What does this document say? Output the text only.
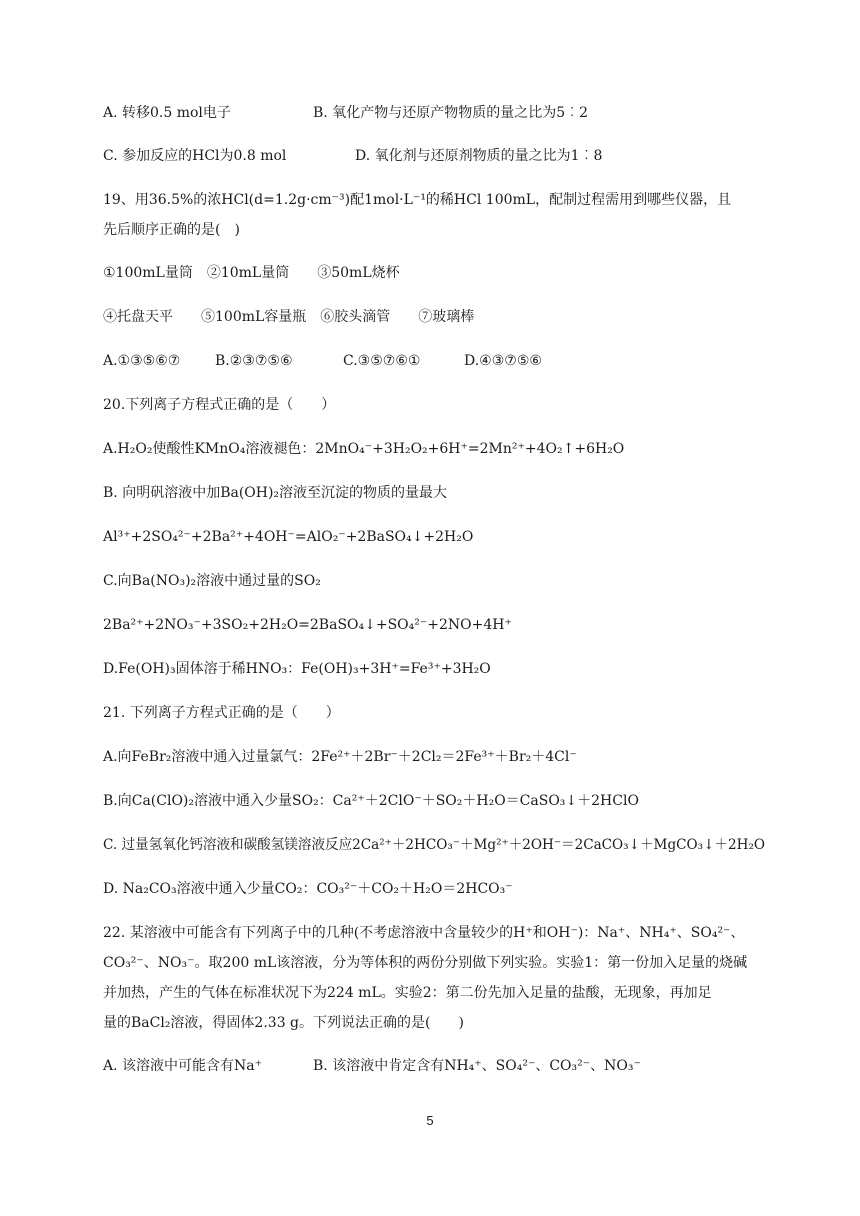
A. 转移0.5 mol电子	B. 氧化产物与还原产物物质的量之比为5︰2
C. 参加反应的HCl为0.8 mol	D. 氧化剂与还原剂物质的量之比为1︰8
19、用36.5%的浓HCl(d=1.2g·cm⁻³)配1mol·L⁻¹的稀HCl 100mL，配制过程需用到哪些仪器，且
先后顺序正确的是(　)
①100mL量筒　②10mL量筒　　③50mL烧杯
④托盘天平　　⑤100mL容量瓶　⑥胶头滴管　　⑦玻璃棒
A.①③⑤⑥⑦ B.②③⑦⑤⑥	C.③⑤⑦⑥①	D.④③⑦⑤⑥
20.下列离子方程式正确的是（　　）
A.H₂O₂使酸性KMnO₄溶液褪色：2MnO₄⁻+3H₂O₂+6H⁺=2Mn²⁺+4O₂↑+6H₂O
B. 向明矾溶液中加Ba(OH)₂溶液至沉淀的物质的量最大
Al³⁺+2SO₄²⁻+2Ba²⁺+4OH⁻=AlO₂⁻+2BaSO₄↓+2H₂O
C.向Ba(NO₃)₂溶液中通过量的SO₂
2Ba²⁺+2NO₃⁻+3SO₂+2H₂O=2BaSO₄↓+SO₄²⁻+2NO+4H⁺
D.Fe(OH)₃固体溶于稀HNO₃：Fe(OH)₃+3H⁺=Fe³⁺+3H₂O
21. 下列离子方程式正确的是（　　）
A.向FeBr₂溶液中通入过量氯气：2Fe²⁺＋2Br⁻＋2Cl₂＝2Fe³⁺＋Br₂＋4Cl⁻
B.向Ca(ClO)₂溶液中通入少量SO₂：Ca²⁺＋2ClO⁻＋SO₂＋H₂O＝CaSO₃↓＋2HClO
C. 过量氢氧化钙溶液和碳酸氢镁溶液反应2Ca²⁺＋2HCO₃⁻＋Mg²⁺＋2OH⁻＝2CaCO₃↓＋MgCO₃↓＋2H₂O
D. Na₂CO₃溶液中通入少量CO₂：CO₃²⁻＋CO₂＋H₂O＝2HCO₃⁻
22. 某溶液中可能含有下列离子中的几种(不考虑溶液中含量较少的H⁺和OH⁻)：Na⁺、NH₄⁺、SO₄²⁻、
CO₃²⁻、NO₃⁻。取200 mL该溶液，分为等体积的两份分别做下列实验。实验1：第一份加入足量的烧碱
并加热，产生的气体在标准状况下为224 mL。实验2：第二份先加入足量的盐酸，无现象，再加足
量的BaCl₂溶液，得固体2.33 g。下列说法正确的是(　　)
A. 该溶液中可能含有Na⁺	B. 该溶液中肯定含有NH₄⁺、SO₄²⁻、CO₃²⁻、NO₃⁻
5
